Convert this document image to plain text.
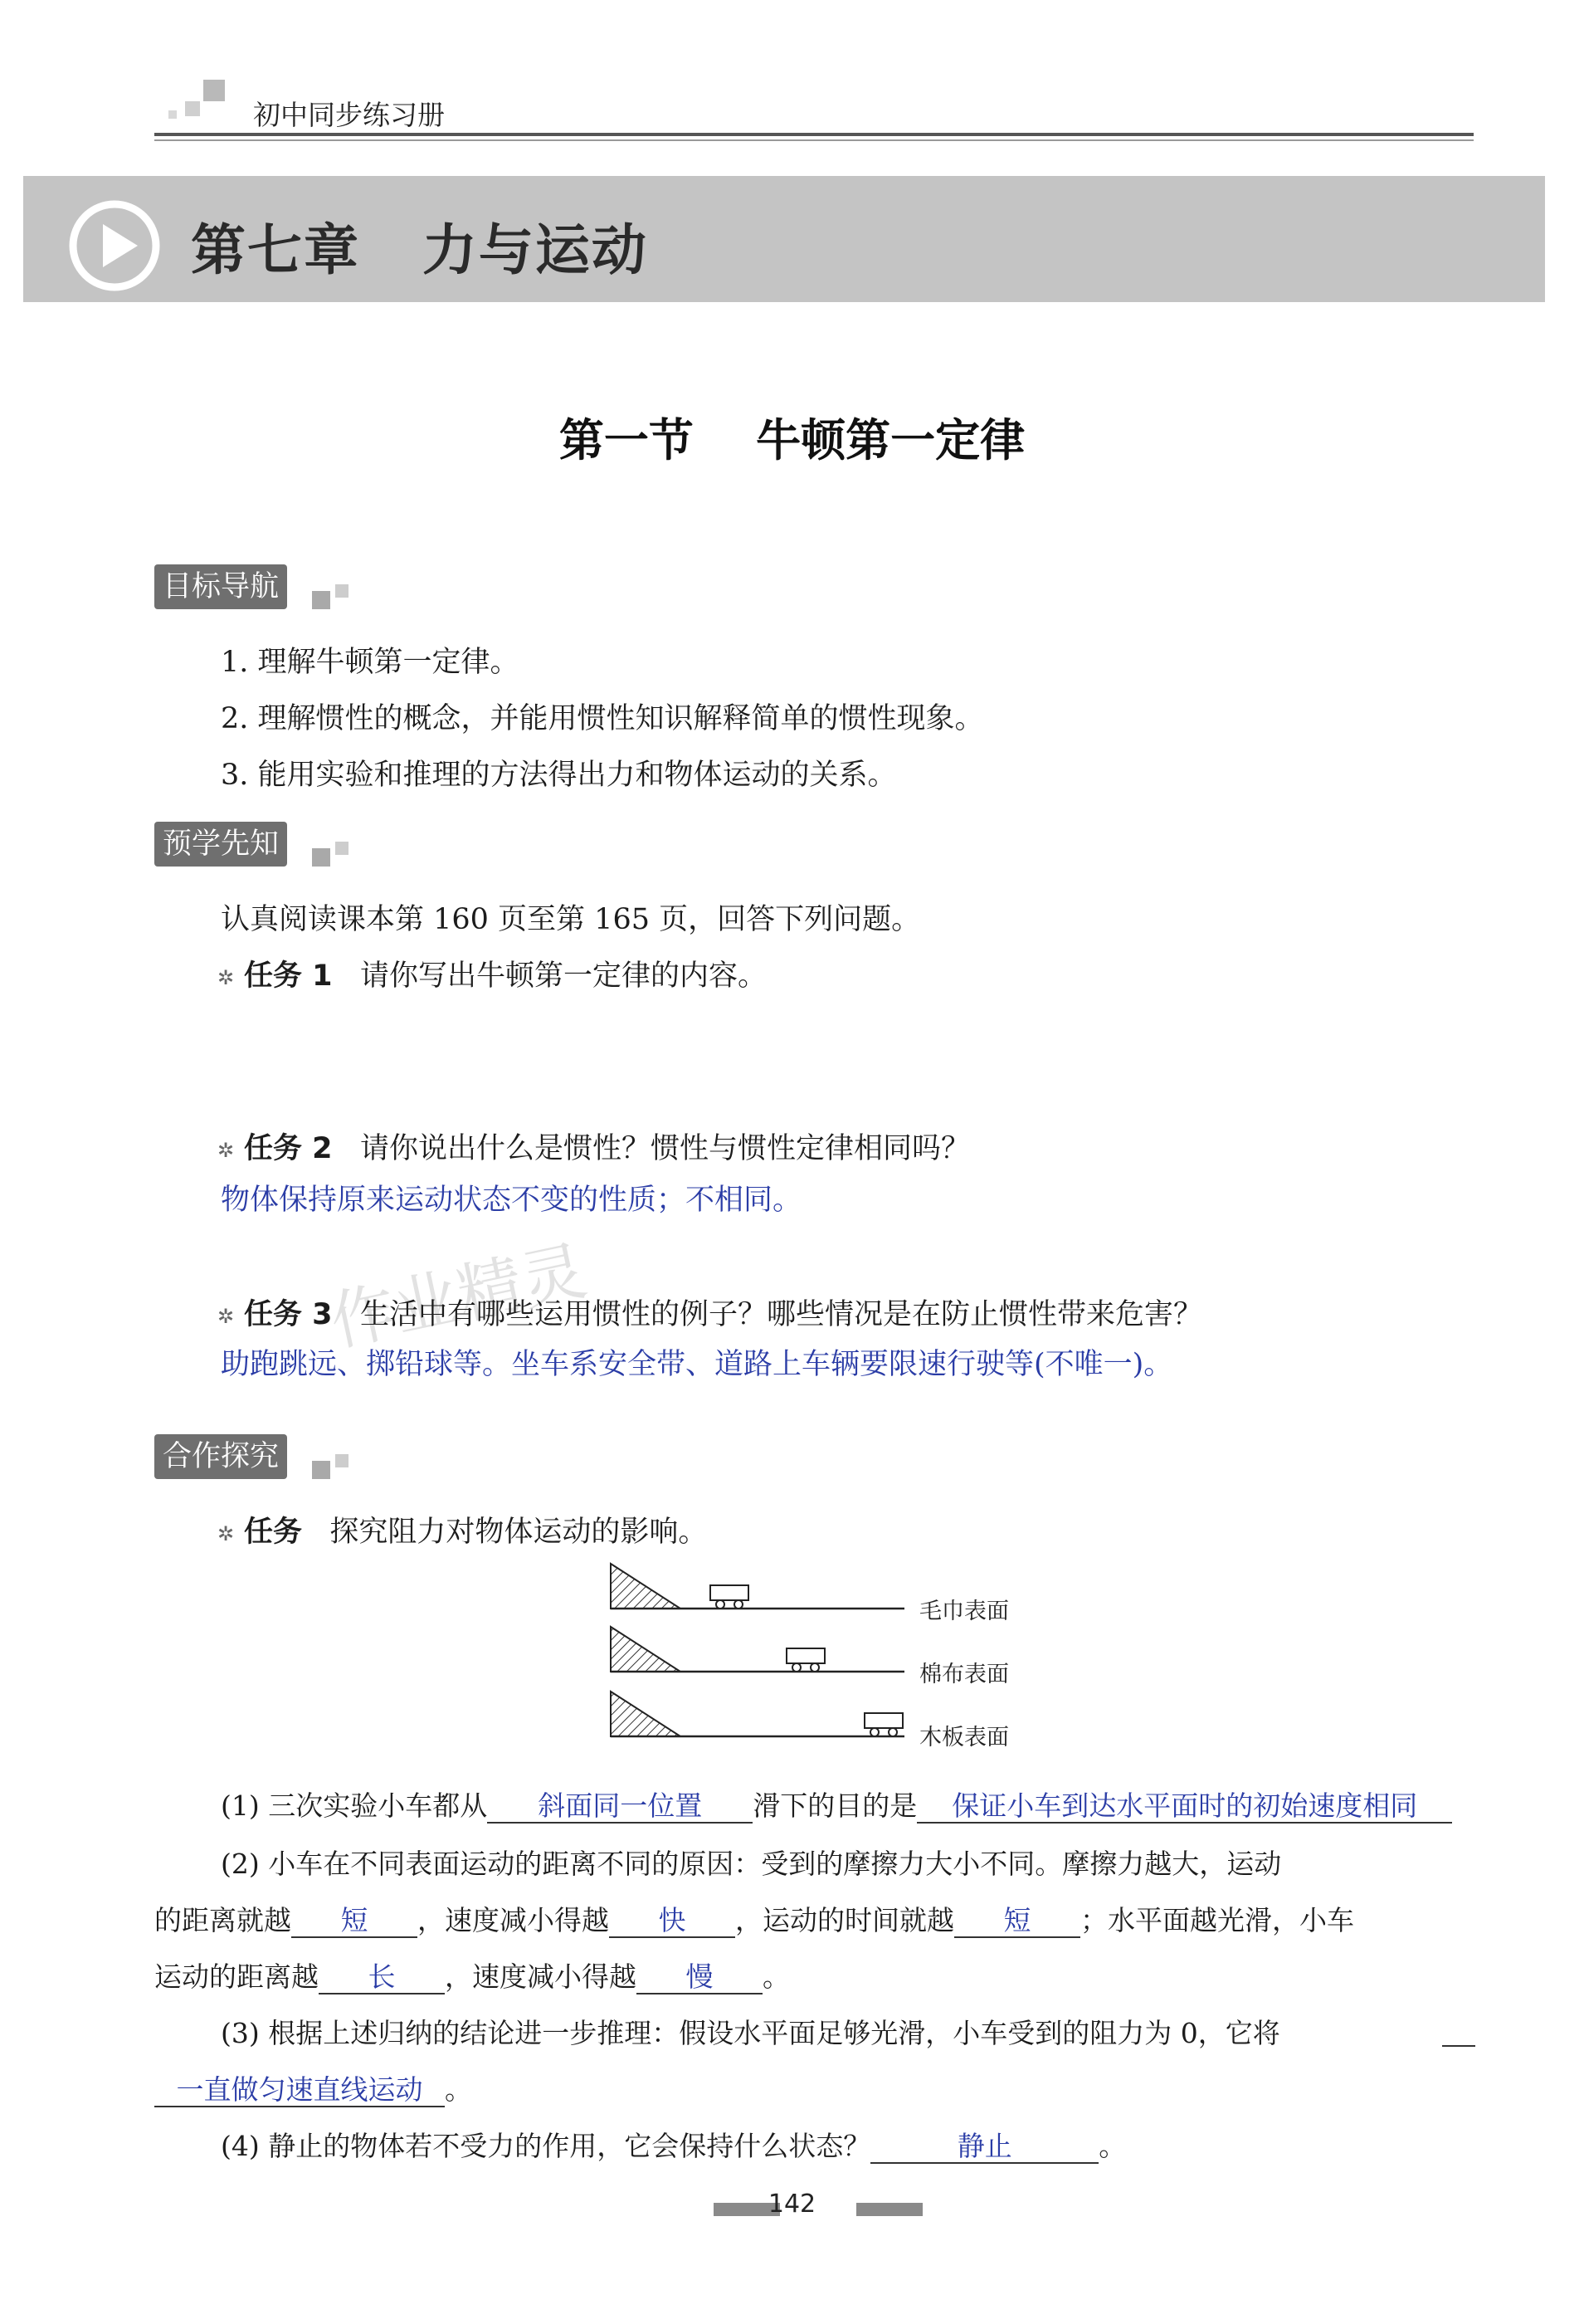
初中同步练习册
第七章   力与运动
第一节    牛顿第一定律
目标导航
1. 理解牛顿第一定律。
2. 理解惯性的概念，并能用惯性知识解释简单的惯性现象。
3. 能用实验和推理的方法得出力和物体运动的关系。
预学先知
认真阅读课本第 160 页至第 165 页，回答下列问题。
✲ 任务 1 请你写出牛顿第一定律的内容。
✲ 任务 2 请你说出什么是惯性？惯性与惯性定律相同吗？
物体保持原来运动状态不变的性质；不相同。
作业精灵
✲ 任务 3 生活中有哪些运用惯性的例子？哪些情况是在防止惯性带来危害？
助跑跳远、掷铅球等。坐车系安全带、道路上车辆要限速行驶等(不唯一)。
合作探究
✲ 任务 探究阻力对物体运动的影响。
毛巾表面
棉布表面
木板表面
(1) 三次实验小车都从 斜面同一位置 滑下的目的是 保证小车到达水平面时的初始速度相同
(2) 小车在不同表面运动的距离不同的原因：受到的摩擦力大小不同。摩擦力越大，运动
的距离就越 短 ，速度减小得越 快 ，运动的时间就越 短 ；水平面越光滑，小车
运动的距离越 长 ，速度减小得越 慢 。
(3) 根据上述归纳的结论进一步推理：假设水平面足够光滑，小车受到的阻力为 0，它将
一直做匀速直线运动 。
(4) 静止的物体若不受力的作用，它会保持什么状态？	静止	。
142
